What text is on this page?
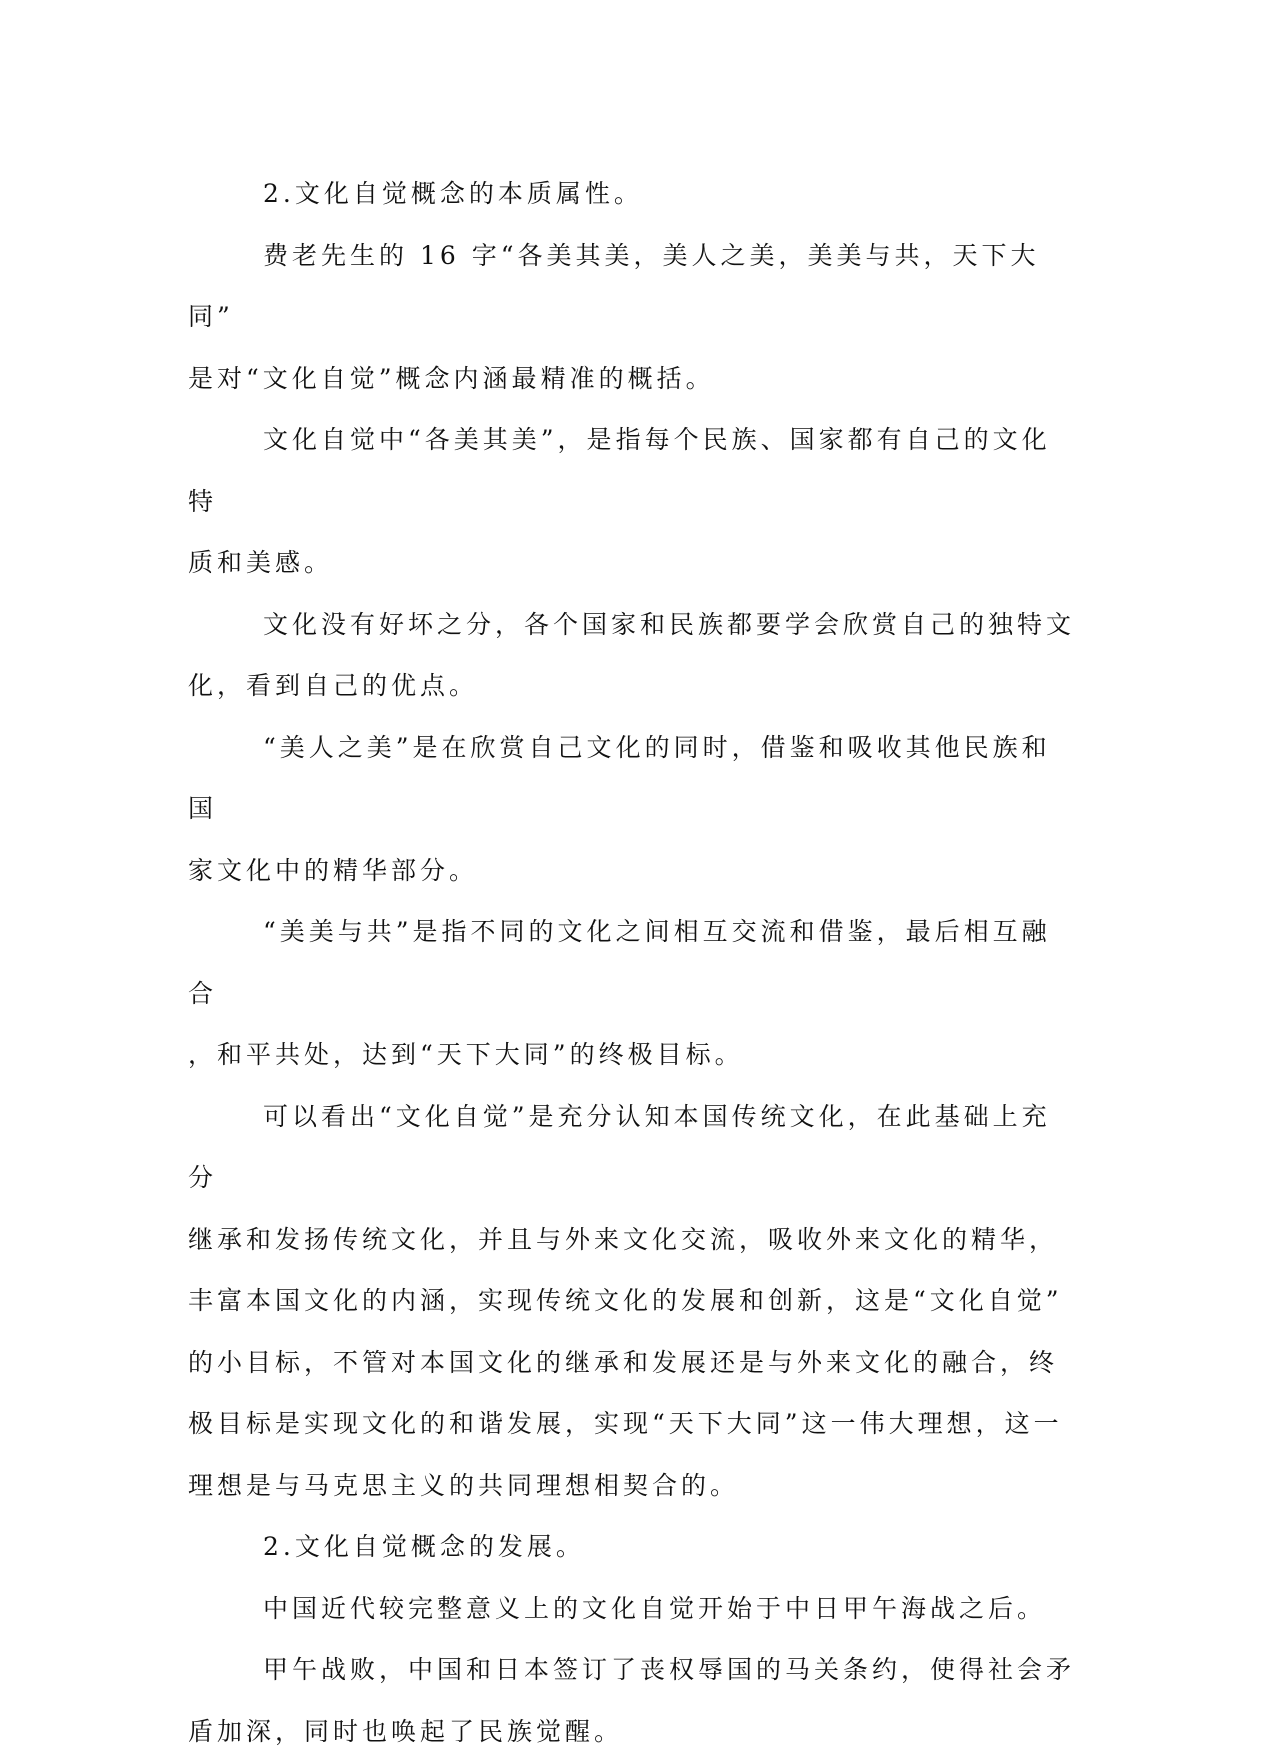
2.文化自觉概念的本质属性。

费老先生的 16 字“各美其美，美人之美，美美与共，天下大同”
是对“文化自觉”概念内涵最精准的概括。

文化自觉中“各美其美”，是指每个民族、国家都有自己的文化特
质和美感。

文化没有好坏之分，各个国家和民族都要学会欣赏自己的独特文
化，看到自己的优点。

“美人之美”是在欣赏自己文化的同时，借鉴和吸收其他民族和国
家文化中的精华部分。

“美美与共”是指不同的文化之间相互交流和借鉴，最后相互融合
，和平共处，达到“天下大同”的终极目标。

可以看出“文化自觉”是充分认知本国传统文化，在此基础上充分
继承和发扬传统文化，并且与外来文化交流，吸收外来文化的精华，
丰富本国文化的内涵，实现传统文化的发展和创新，这是“文化自觉”
的小目标，不管对本国文化的继承和发展还是与外来文化的融合，终
极目标是实现文化的和谐发展，实现“天下大同”这一伟大理想，这一
理想是与马克思主义的共同理想相契合的。

2.文化自觉概念的发展。

中国近代较完整意义上的文化自觉开始于中日甲午海战之后。

甲午战败，中国和日本签订了丧权辱国的马关条约，使得社会矛
盾加深，同时也唤起了民族觉醒。
